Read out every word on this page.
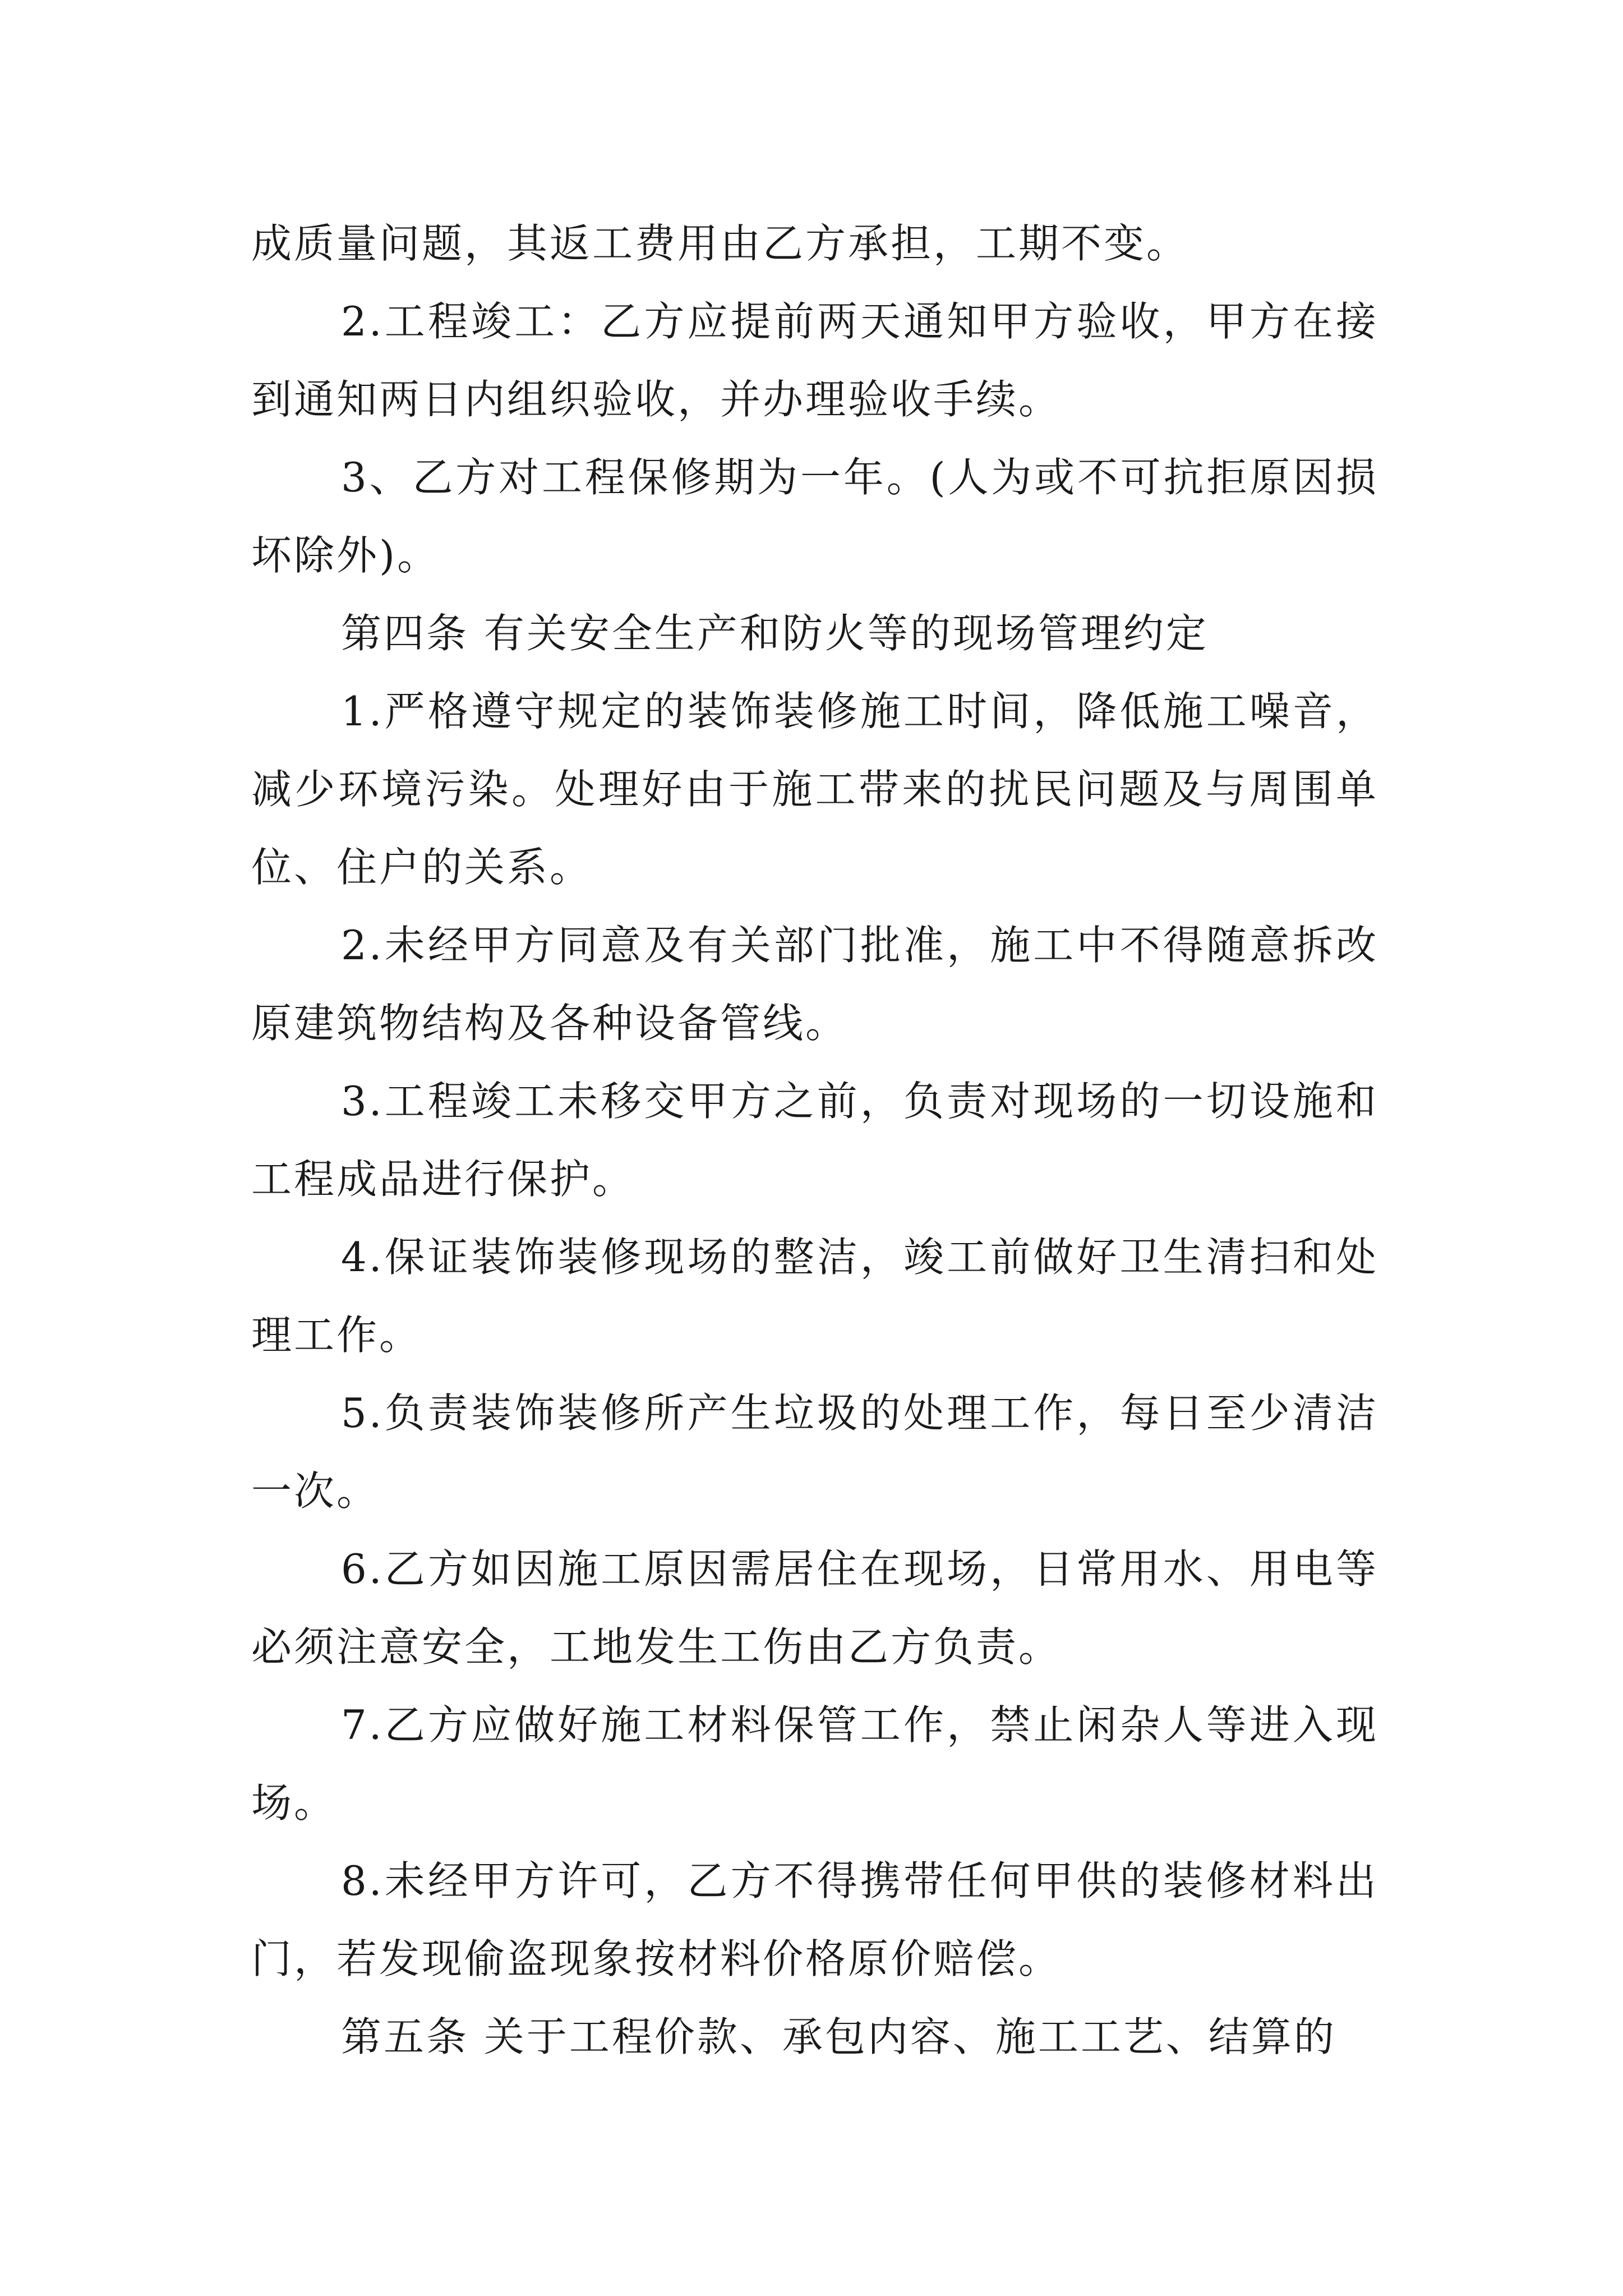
成质量问题，其返工费用由乙方承担，工期不变。

2.工程竣工：乙方应提前两天通知甲方验收，甲方在接到通知两日内组织验收，并办理验收手续。

3、乙方对工程保修期为一年。(人为或不可抗拒原因损坏除外)。

第四条 有关安全生产和防火等的现场管理约定

1.严格遵守规定的装饰装修施工时间，降低施工噪音，减少环境污染。处理好由于施工带来的扰民问题及与周围单位、住户的关系。

2.未经甲方同意及有关部门批准，施工中不得随意拆改原建筑物结构及各种设备管线。

3.工程竣工未移交甲方之前，负责对现场的一切设施和工程成品进行保护。

4.保证装饰装修现场的整洁，竣工前做好卫生清扫和处理工作。

5.负责装饰装修所产生垃圾的处理工作，每日至少清洁一次。

6.乙方如因施工原因需居住在现场，日常用水、用电等必须注意安全，工地发生工伤由乙方负责。

7.乙方应做好施工材料保管工作，禁止闲杂人等进入现场。

8.未经甲方许可，乙方不得携带任何甲供的装修材料出门，若发现偷盗现象按材料价格原价赔偿。

第五条 关于工程价款、承包内容、施工工艺、结算的
